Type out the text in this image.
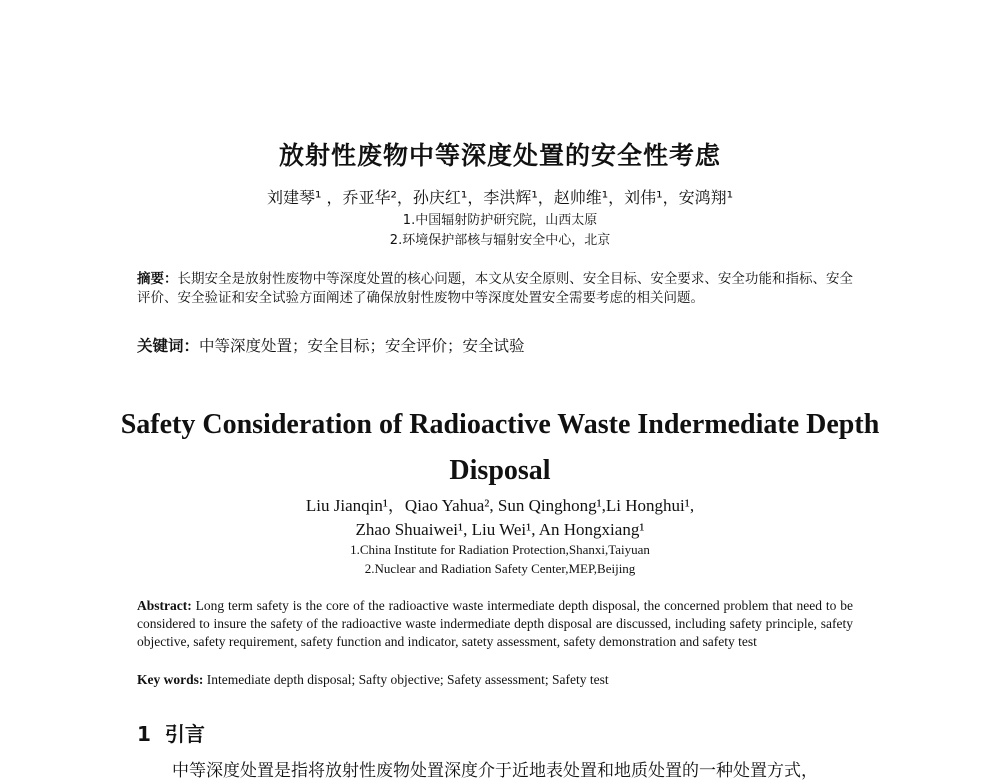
放射性废物中等深度处置的安全性考虑
刘建琴¹ ，乔亚华²，孙庆红¹，李洪辉¹，赵帅维¹，刘伟¹，安鸿翔¹
1.中国辐射防护研究院，山西太原
2.环境保护部核与辐射安全中心，北京
摘要：长期安全是放射性废物中等深度处置的核心问题，本文从安全原则、安全目标、安全要求、安全功能和指标、安全评价、安全验证和安全试验方面阐述了确保放射性废物中等深度处置安全需要考虑的相关问题。
关键词：中等深度处置；安全目标；安全评价；安全试验
Safety Consideration of Radioactive Waste Indermediate Depth
Disposal
Liu Jianqin¹，Qiao Yahua², Sun Qinghong¹,Li Honghui¹,
Zhao Shuaiwei¹, Liu Wei¹, An Hongxiang¹
1.China Institute for Radiation Protection,Shanxi,Taiyuan
2.Nuclear and Radiation Safety Center,MEP,Beijing
Abstract: Long term safety is the core of the radioactive waste intermediate depth disposal, the concerned problem that need to be considered to insure the safety of the radioactive waste indermediate depth disposal are discussed, including safety principle, safety objective, safety requirement, safety function and indicator, satety assessment, safety demonstration and safety test
Key words: Intemediate depth disposal; Safty objective; Safety assessment; Safety test
1  引言
中等深度处置是指将放射性废物处置深度介于近地表处置和地质处置的一种处置方式，
